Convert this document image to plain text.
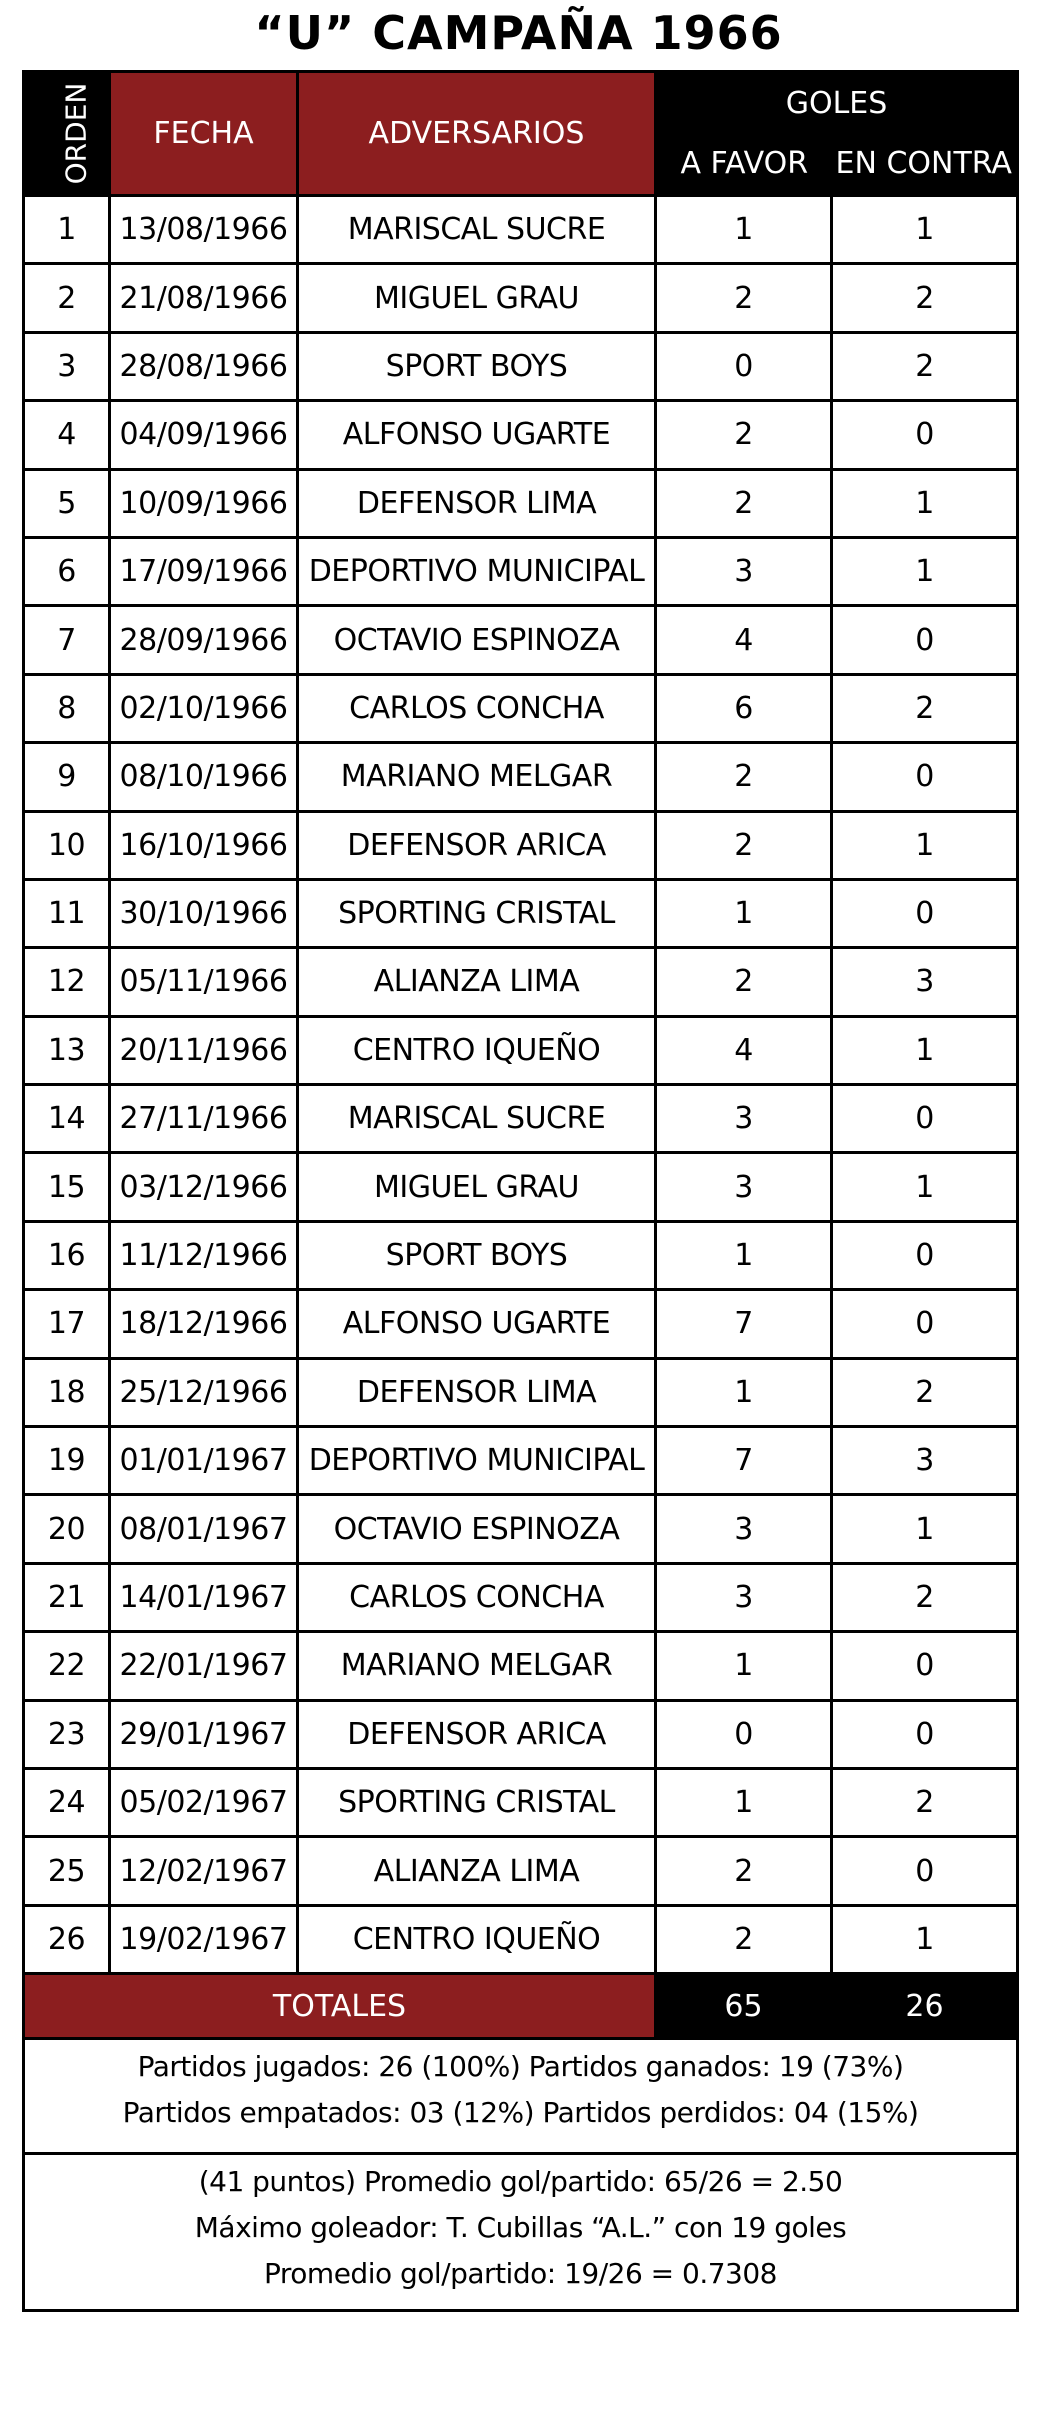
“U” CAMPAÑA 1966
ORDEN	FECHA	ADVERSARIOS	GOLES	
			A FAVOR	EN CONTRA
1	13/08/1966	MARISCAL SUCRE	1	1
2	21/08/1966	MIGUEL GRAU	2	2
3	28/08/1966	SPORT BOYS	0	2
4	04/09/1966	ALFONSO UGARTE	2	0
5	10/09/1966	DEFENSOR LIMA	2	1
6	17/09/1966	DEPORTIVO MUNICIPAL	3	1
7	28/09/1966	OCTAVIO ESPINOZA	4	0
8	02/10/1966	CARLOS CONCHA	6	2
9	08/10/1966	MARIANO MELGAR	2	0
10	16/10/1966	DEFENSOR ARICA	2	1
11	30/10/1966	SPORTING CRISTAL	1	0
12	05/11/1966	ALIANZA LIMA	2	3
13	20/11/1966	CENTRO IQUEÑO	4	1
14	27/11/1966	MARISCAL SUCRE	3	0
15	03/12/1966	MIGUEL GRAU	3	1
16	11/12/1966	SPORT BOYS	1	0
17	18/12/1966	ALFONSO UGARTE	7	0
18	25/12/1966	DEFENSOR LIMA	1	2
19	01/01/1967	DEPORTIVO MUNICIPAL	7	3
20	08/01/1967	OCTAVIO ESPINOZA	3	1
21	14/01/1967	CARLOS CONCHA	3	2
22	22/01/1967	MARIANO MELGAR	1	0
23	29/01/1967	DEFENSOR ARICA	0	0
24	05/02/1967	SPORTING CRISTAL	1	2
25	12/02/1967	ALIANZA LIMA	2	0
26	19/02/1967	CENTRO IQUEÑO	2	1
TOTALES			65	26

Partidos jugados: 26 (100%) Partidos ganados: 19 (73%)
Partidos empatados: 03 (12%) Partidos perdidos: 04 (15%)
(41 puntos) Promedio gol/partido: 65/26 = 2.50
Máximo goleador: T. Cubillas “A.L.” con 19 goles
Promedio gol/partido: 19/26 = 0.7308				
